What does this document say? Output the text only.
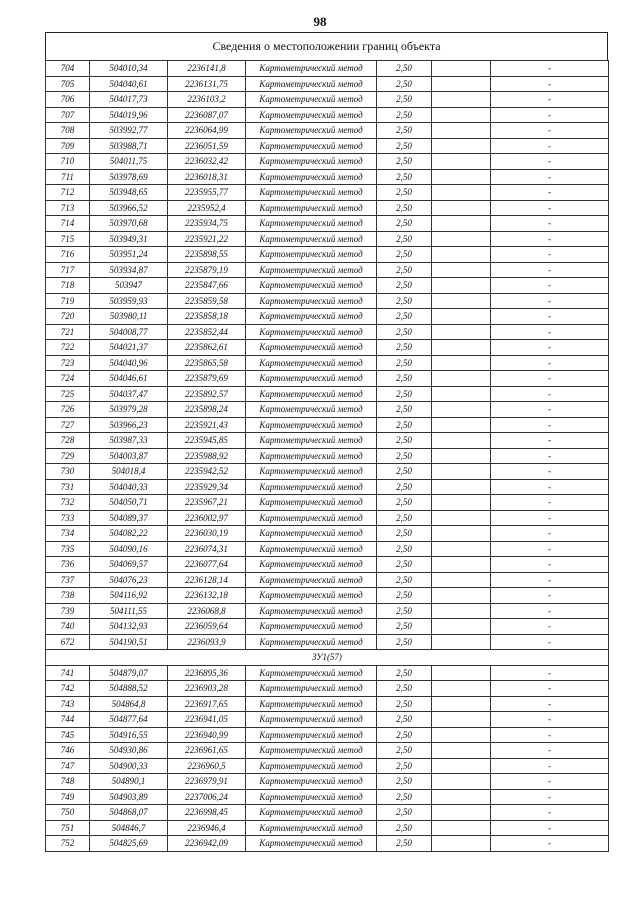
98
Сведения о местоположении границ объекта
704	504010,34	2236141,8	Картометрический метод	2,50		-
705	504040,61	2236131,75	Картометрический метод	2,50		-
706	504017,73	2236103,2	Картометрический метод	2,50		-
707	504019,96	2236087,07	Картометрический метод	2,50		-
708	503992,77	2236064,99	Картометрический метод	2,50		-
709	503988,71	2236051,59	Картометрический метод	2,50		-
710	504011,75	2236032,42	Картометрический метод	2,50		-
711	503978,69	2236018,31	Картометрический метод	2,50		-
712	503948,65	2235955,77	Картометрический метод	2,50		-
713	503966,52	2235952,4	Картометрический метод	2,50		-
714	503970,68	2235934,75	Картометрический метод	2,50		-
715	503949,31	2235921,22	Картометрический метод	2,50		-
716	503951,24	2235898,55	Картометрический метод	2,50		-
717	503934,87	2235879,19	Картометрический метод	2,50		-
718	503947	2235847,66	Картометрический метод	2,50		-
719	503959,93	2235859,58	Картометрический метод	2,50		-
720	503980,11	2235858,18	Картометрический метод	2,50		-
721	504008,77	2235852,44	Картометрический метод	2,50		-
722	504021,37	2235862,61	Картометрический метод	2,50		-
723	504040,96	2235865,58	Картометрический метод	2,50		-
724	504046,61	2235879,69	Картометрический метод	2,50		-
725	504037,47	2235892,57	Картометрический метод	2,50		-
726	503979,28	2235898,24	Картометрический метод	2,50		-
727	503966,23	2235921,43	Картометрический метод	2,50		-
728	503987,33	2235945,85	Картометрический метод	2,50		-
729	504003,87	2235988,92	Картометрический метод	2,50		-
730	504018,4	2235942,52	Картометрический метод	2,50		-
731	504040,33	2235929,34	Картометрический метод	2,50		-
732	504050,71	2235967,21	Картометрический метод	2,50		-
733	504089,37	2236002,97	Картометрический метод	2,50		-
734	504082,22	2236030,19	Картометрический метод	2,50		-
735	504090,16	2236074,31	Картометрический метод	2,50		-
736	504069,57	2236077,64	Картометрический метод	2,50		-
737	504076,23	2236128,14	Картометрический метод	2,50		-
738	504116,92	2236132,18	Картометрический метод	2,50		-
739	504111,55	2236068,8	Картометрический метод	2,50		-
740	504132,93	2236059,64	Картометрический метод	2,50		-
672	504190,51	2236093,9	Картометрический метод	2,50		-
ЗУ1(57)						
741	504879,07	2236895,36	Картометрический метод	2,50		-
742	504888,52	2236903,28	Картометрический метод	2,50		-
743	504864,8	2236917,65	Картометрический метод	2,50		-
744	504877,64	2236941,05	Картометрический метод	2,50		-
745	504916,55	2236940,99	Картометрический метод	2,50		-
746	504930,86	2236961,65	Картометрический метод	2,50		-
747	504900,33	2236960,5	Картометрический метод	2,50		-
748	504890,1	2236979,91	Картометрический метод	2,50		-
749	504903,89	2237006,24	Картометрический метод	2,50		-
750	504868,07	2236998,45	Картометрический метод	2,50		-
751	504846,7	2236946,4	Картометрический метод	2,50		-
752	504825,69	2236942,09	Картометрический метод	2,50		-
